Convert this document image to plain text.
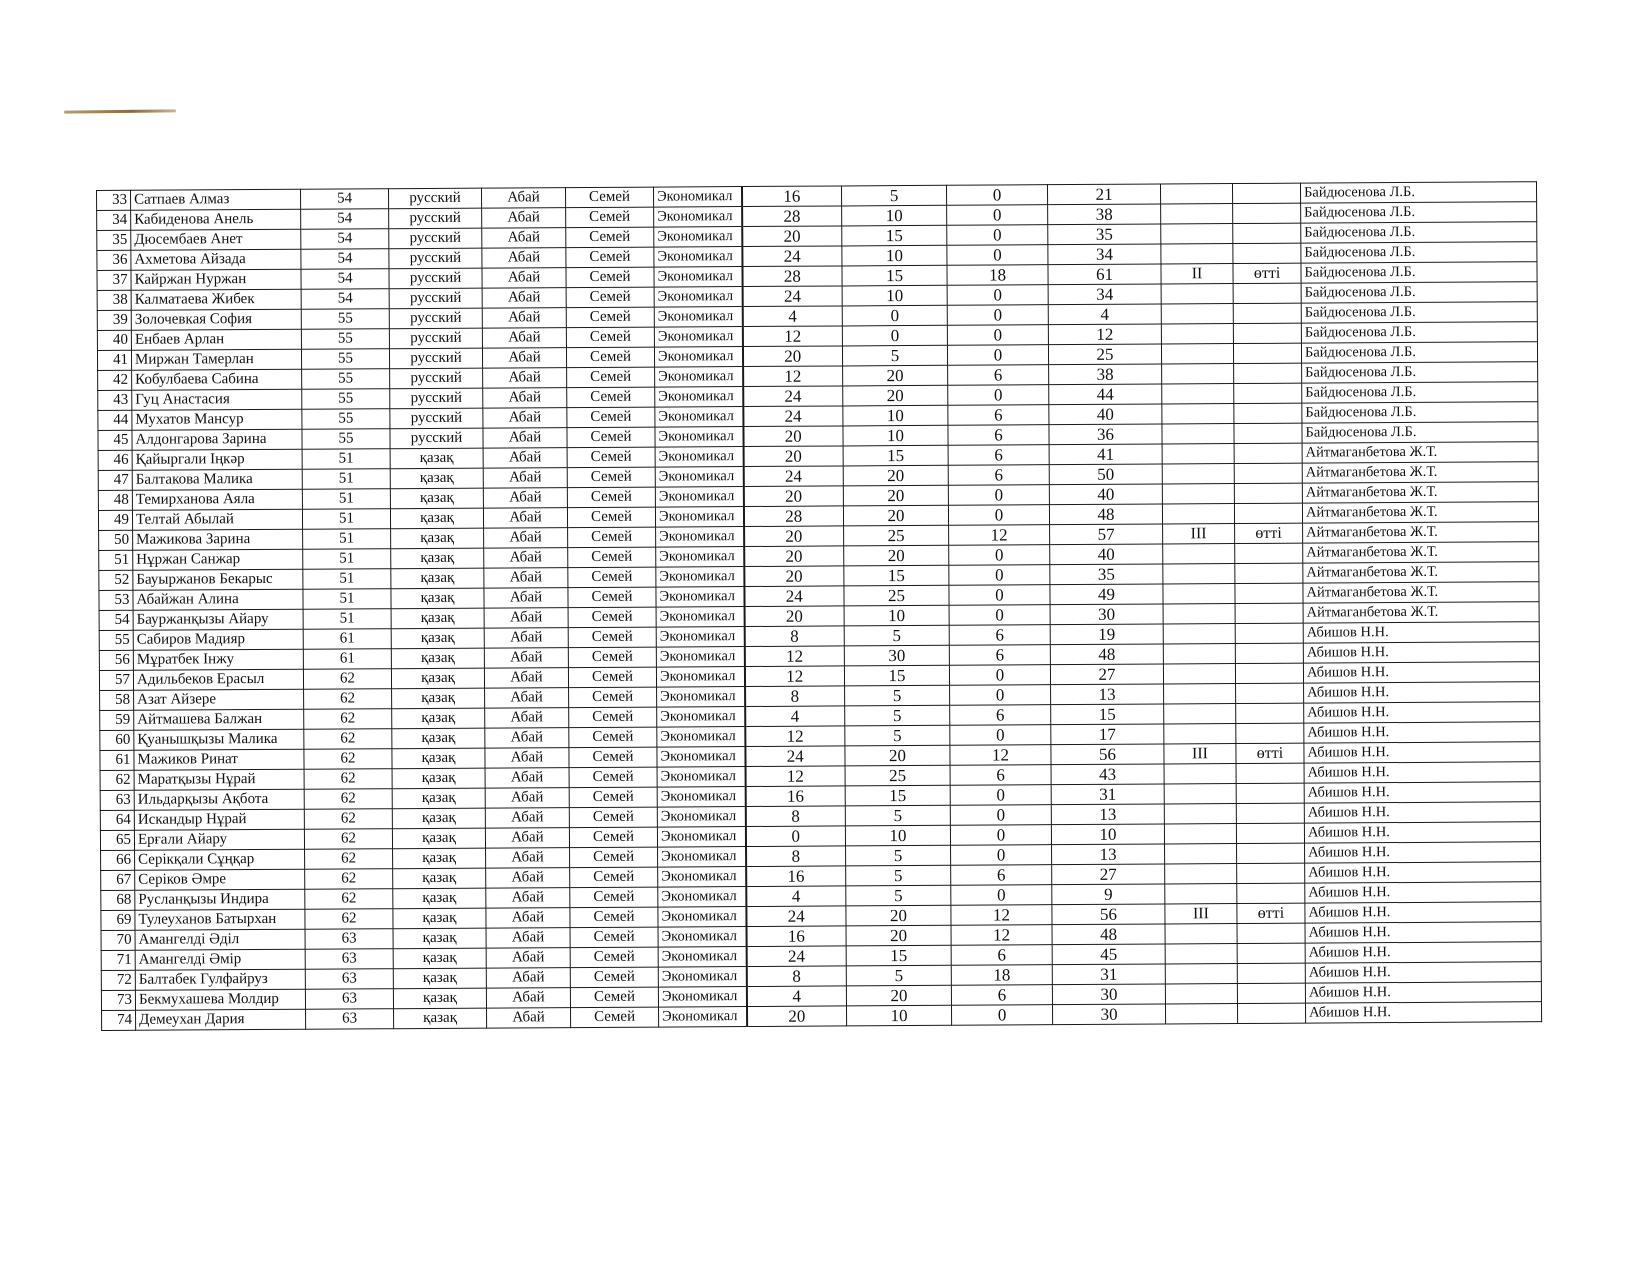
33	Сатпаев Алмаз	54	русский	Абай	Семей	Экономикал	16	5	0	21			Байдюсенова Л.Б.
34	Кабиденова Анель	54	русский	Абай	Семей	Экономикал	28	10	0	38			Байдюсенова Л.Б.
35	Дюсембаев Анет	54	русский	Абай	Семей	Экономикал	20	15	0	35			Байдюсенова Л.Б.
36	Ахметова Айзада	54	русский	Абай	Семей	Экономикал	24	10	0	34			Байдюсенова Л.Б.
37	Кайржан Нуржан	54	русский	Абай	Семей	Экономикал	28	15	18	61	II	өтті	Байдюсенова Л.Б.
38	Калматаева Жибек	54	русский	Абай	Семей	Экономикал	24	10	0	34			Байдюсенова Л.Б.
39	Золочевкая София	55	русский	Абай	Семей	Экономикал	4	0	0	4			Байдюсенова Л.Б.
40	Енбаев Арлан	55	русский	Абай	Семей	Экономикал	12	0	0	12			Байдюсенова Л.Б.
41	Миржан Тамерлан	55	русский	Абай	Семей	Экономикал	20	5	0	25			Байдюсенова Л.Б.
42	Кобулбаева Сабина	55	русский	Абай	Семей	Экономикал	12	20	6	38			Байдюсенова Л.Б.
43	Гуц Анастасия	55	русский	Абай	Семей	Экономикал	24	20	0	44			Байдюсенова Л.Б.
44	Мухатов Мансур	55	русский	Абай	Семей	Экономикал	24	10	6	40			Байдюсенова Л.Б.
45	Алдонгарова Зарина	55	русский	Абай	Семей	Экономикал	20	10	6	36			Байдюсенова Л.Б.
46	Қайыргали Іңкәр	51	қазақ	Абай	Семей	Экономикал	20	15	6	41			Айтмаганбетова Ж.Т.
47	Балтакова Малика	51	қазақ	Абай	Семей	Экономикал	24	20	6	50			Айтмаганбетова Ж.Т.
48	Темирханова Аяла	51	қазақ	Абай	Семей	Экономикал	20	20	0	40			Айтмаганбетова Ж.Т.
49	Телтай Абылай	51	қазақ	Абай	Семей	Экономикал	28	20	0	48			Айтмаганбетова Ж.Т.
50	Мажикова Зарина	51	қазақ	Абай	Семей	Экономикал	20	25	12	57	III	өтті	Айтмаганбетова Ж.Т.
51	Нұржан Санжар	51	қазақ	Абай	Семей	Экономикал	20	20	0	40			Айтмаганбетова Ж.Т.
52	Бауыржанов Бекарыс	51	қазақ	Абай	Семей	Экономикал	20	15	0	35			Айтмаганбетова Ж.Т.
53	Абайжан Алина	51	қазақ	Абай	Семей	Экономикал	24	25	0	49			Айтмаганбетова Ж.Т.
54	Бауржанқызы Айару	51	қазақ	Абай	Семей	Экономикал	20	10	0	30			Айтмаганбетова Ж.Т.
55	Сабиров Мадияр	61	қазақ	Абай	Семей	Экономикал	8	5	6	19			Абишов Н.Н.
56	Мұратбек Інжу	61	қазақ	Абай	Семей	Экономикал	12	30	6	48			Абишов Н.Н.
57	Адильбеков Ерасыл	62	қазақ	Абай	Семей	Экономикал	12	15	0	27			Абишов Н.Н.
58	Азат Айзере	62	қазақ	Абай	Семей	Экономикал	8	5	0	13			Абишов Н.Н.
59	Айтмашева Балжан	62	қазақ	Абай	Семей	Экономикал	4	5	6	15			Абишов Н.Н.
60	Қуанышқызы Малика	62	қазақ	Абай	Семей	Экономикал	12	5	0	17			Абишов Н.Н.
61	Мажиков Ринат	62	қазақ	Абай	Семей	Экономикал	24	20	12	56	III	өтті	Абишов Н.Н.
62	Маратқызы Нұрай	62	қазақ	Абай	Семей	Экономикал	12	25	6	43			Абишов Н.Н.
63	Ильдарқызы Ақбота	62	қазақ	Абай	Семей	Экономикал	16	15	0	31			Абишов Н.Н.
64	Искандыр Нұрай	62	қазақ	Абай	Семей	Экономикал	8	5	0	13			Абишов Н.Н.
65	Ерғали Айару	62	қазақ	Абай	Семей	Экономикал	0	10	0	10			Абишов Н.Н.
66	Серікқали Сұңқар	62	қазақ	Абай	Семей	Экономикал	8	5	0	13			Абишов Н.Н.
67	Серіков Әмре	62	қазақ	Абай	Семей	Экономикал	16	5	6	27			Абишов Н.Н.
68	Русланқызы Индира	62	қазақ	Абай	Семей	Экономикал	4	5	0	9			Абишов Н.Н.
69	Тулеуханов Батырхан	62	қазақ	Абай	Семей	Экономикал	24	20	12	56	III	өтті	Абишов Н.Н.
70	Амангелді Әділ	63	қазақ	Абай	Семей	Экономикал	16	20	12	48			Абишов Н.Н.
71	Амангелді Әмір	63	қазақ	Абай	Семей	Экономикал	24	15	6	45			Абишов Н.Н.
72	Балтабек Гулфайруз	63	қазақ	Абай	Семей	Экономикал	8	5	18	31			Абишов Н.Н.
73	Бекмухашева Молдир	63	қазақ	Абай	Семей	Экономикал	4	20	6	30			Абишов Н.Н.
74	Демеухан Дария	63	қазақ	Абай	Семей	Экономикал	20	10	0	30			Абишов Н.Н.
